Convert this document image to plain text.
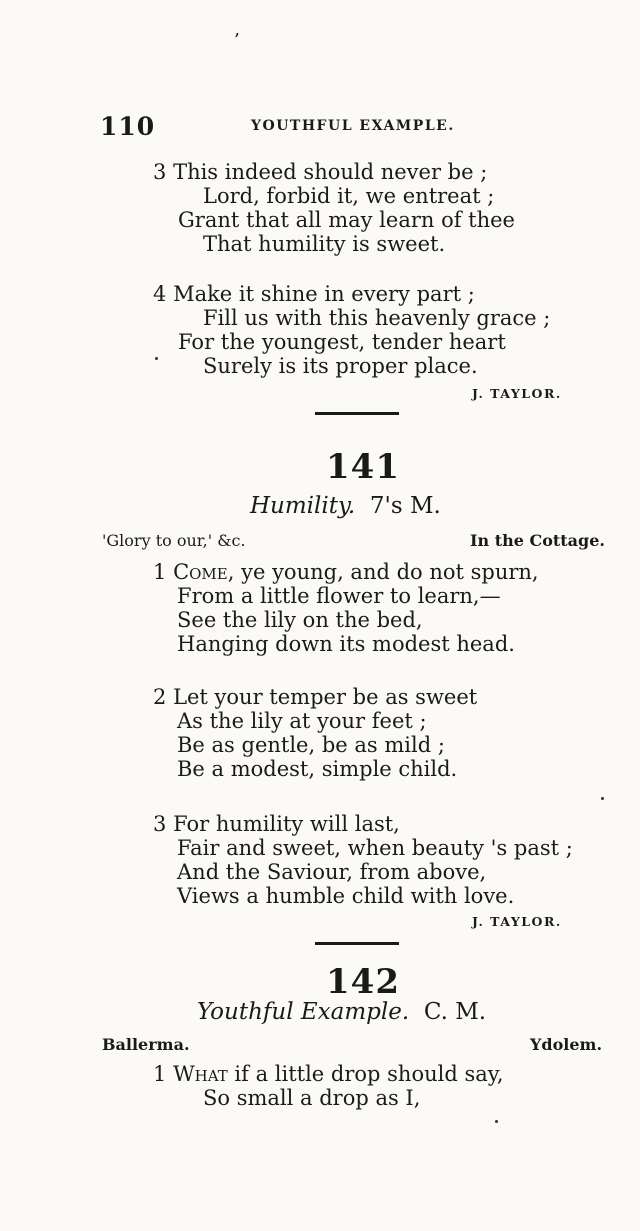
’
110	YOUTHFUL EXAMPLE.
3 This indeed should never be ;
Lord, forbid it, we entreat ;
Grant that all may learn of thee
That humility is sweet.
4 Make it shine in every part ;
Fill us with this heavenly grace ;
For the youngest, tender heart
Surely is its proper place.
J. TAYLOR.
141
Humility. 7's M.
'Glory to our,' &c.	In the Cottage.
1 Come, ye young, and do not spurn,
From a little flower to learn,—
See the lily on the bed,
Hanging down its modest head.
2 Let your temper be as sweet
As the lily at your feet ;
Be as gentle, be as mild ;
Be a modest, simple child.
3 For humility will last,
Fair and sweet, when beauty 's past ;
And the Saviour, from above,
Views a humble child with love.
J. TAYLOR.
142
Youthful Example. C. M.
Ballerma.	Ydolem.
1 What if a little drop should say,
So small a drop as I,
